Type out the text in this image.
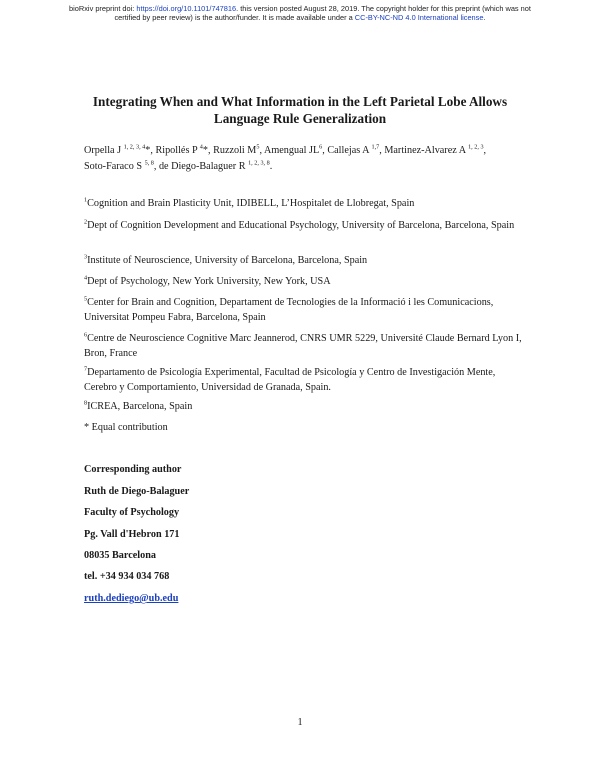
bioRxiv preprint doi: https://doi.org/10.1101/747816. this version posted August 28, 2019. The copyright holder for this preprint (which was not
certified by peer review) is the author/funder. It is made available under a CC-BY-NC-ND 4.0 International license.
Integrating When and What Information in the Left Parietal Lobe Allows
Language Rule Generalization
Orpella J $^{1, 2, 3, 4}$*, Ripollés P $^4$*, Ruzzoli $M^5$, Amengual $JL^6$, Callejas A $^{1,7}$, Martinez-Alvarez A $^{1, 2, 3}$,
Soto-Faraco S $^{5, 8}$, de Diego-Balaguer R $^{1, 2, 3, 8}$.
$^1$Cognition and Brain Plasticity Unit, IDIBELL, L’Hospitalet de Llobregat, Spain
$^2$Dept of Cognition Development and Educational Psychology, University of Barcelona, Barcelona, Spain
$^3$Institute of Neuroscience, University of Barcelona, Barcelona, Spain
$^4$Dept of Psychology, New York University, New York, USA
$^5$Center for Brain and Cognition, Departament de Tecnologies de la Informació i les Comunicacions, Universitat Pompeu Fabra, Barcelona, Spain
$^6$Centre de Neuroscience Cognitive Marc Jeannerod, CNRS UMR 5229, Université Claude Bernard Lyon I, Bron, France
$^7$Departamento de Psicología Experimental, Facultad de Psicología y Centro de Investigación Mente, Cerebro y Comportamiento, Universidad de Granada, Spain.
$^8$ICREA, Barcelona, Spain
* Equal contribution
Corresponding author
Ruth de Diego-Balaguer
Faculty of Psychology
Pg. Vall d'Hebron 171
08035 Barcelona
tel. +34 934 034 768
ruth.dediego@ub.edu
1
